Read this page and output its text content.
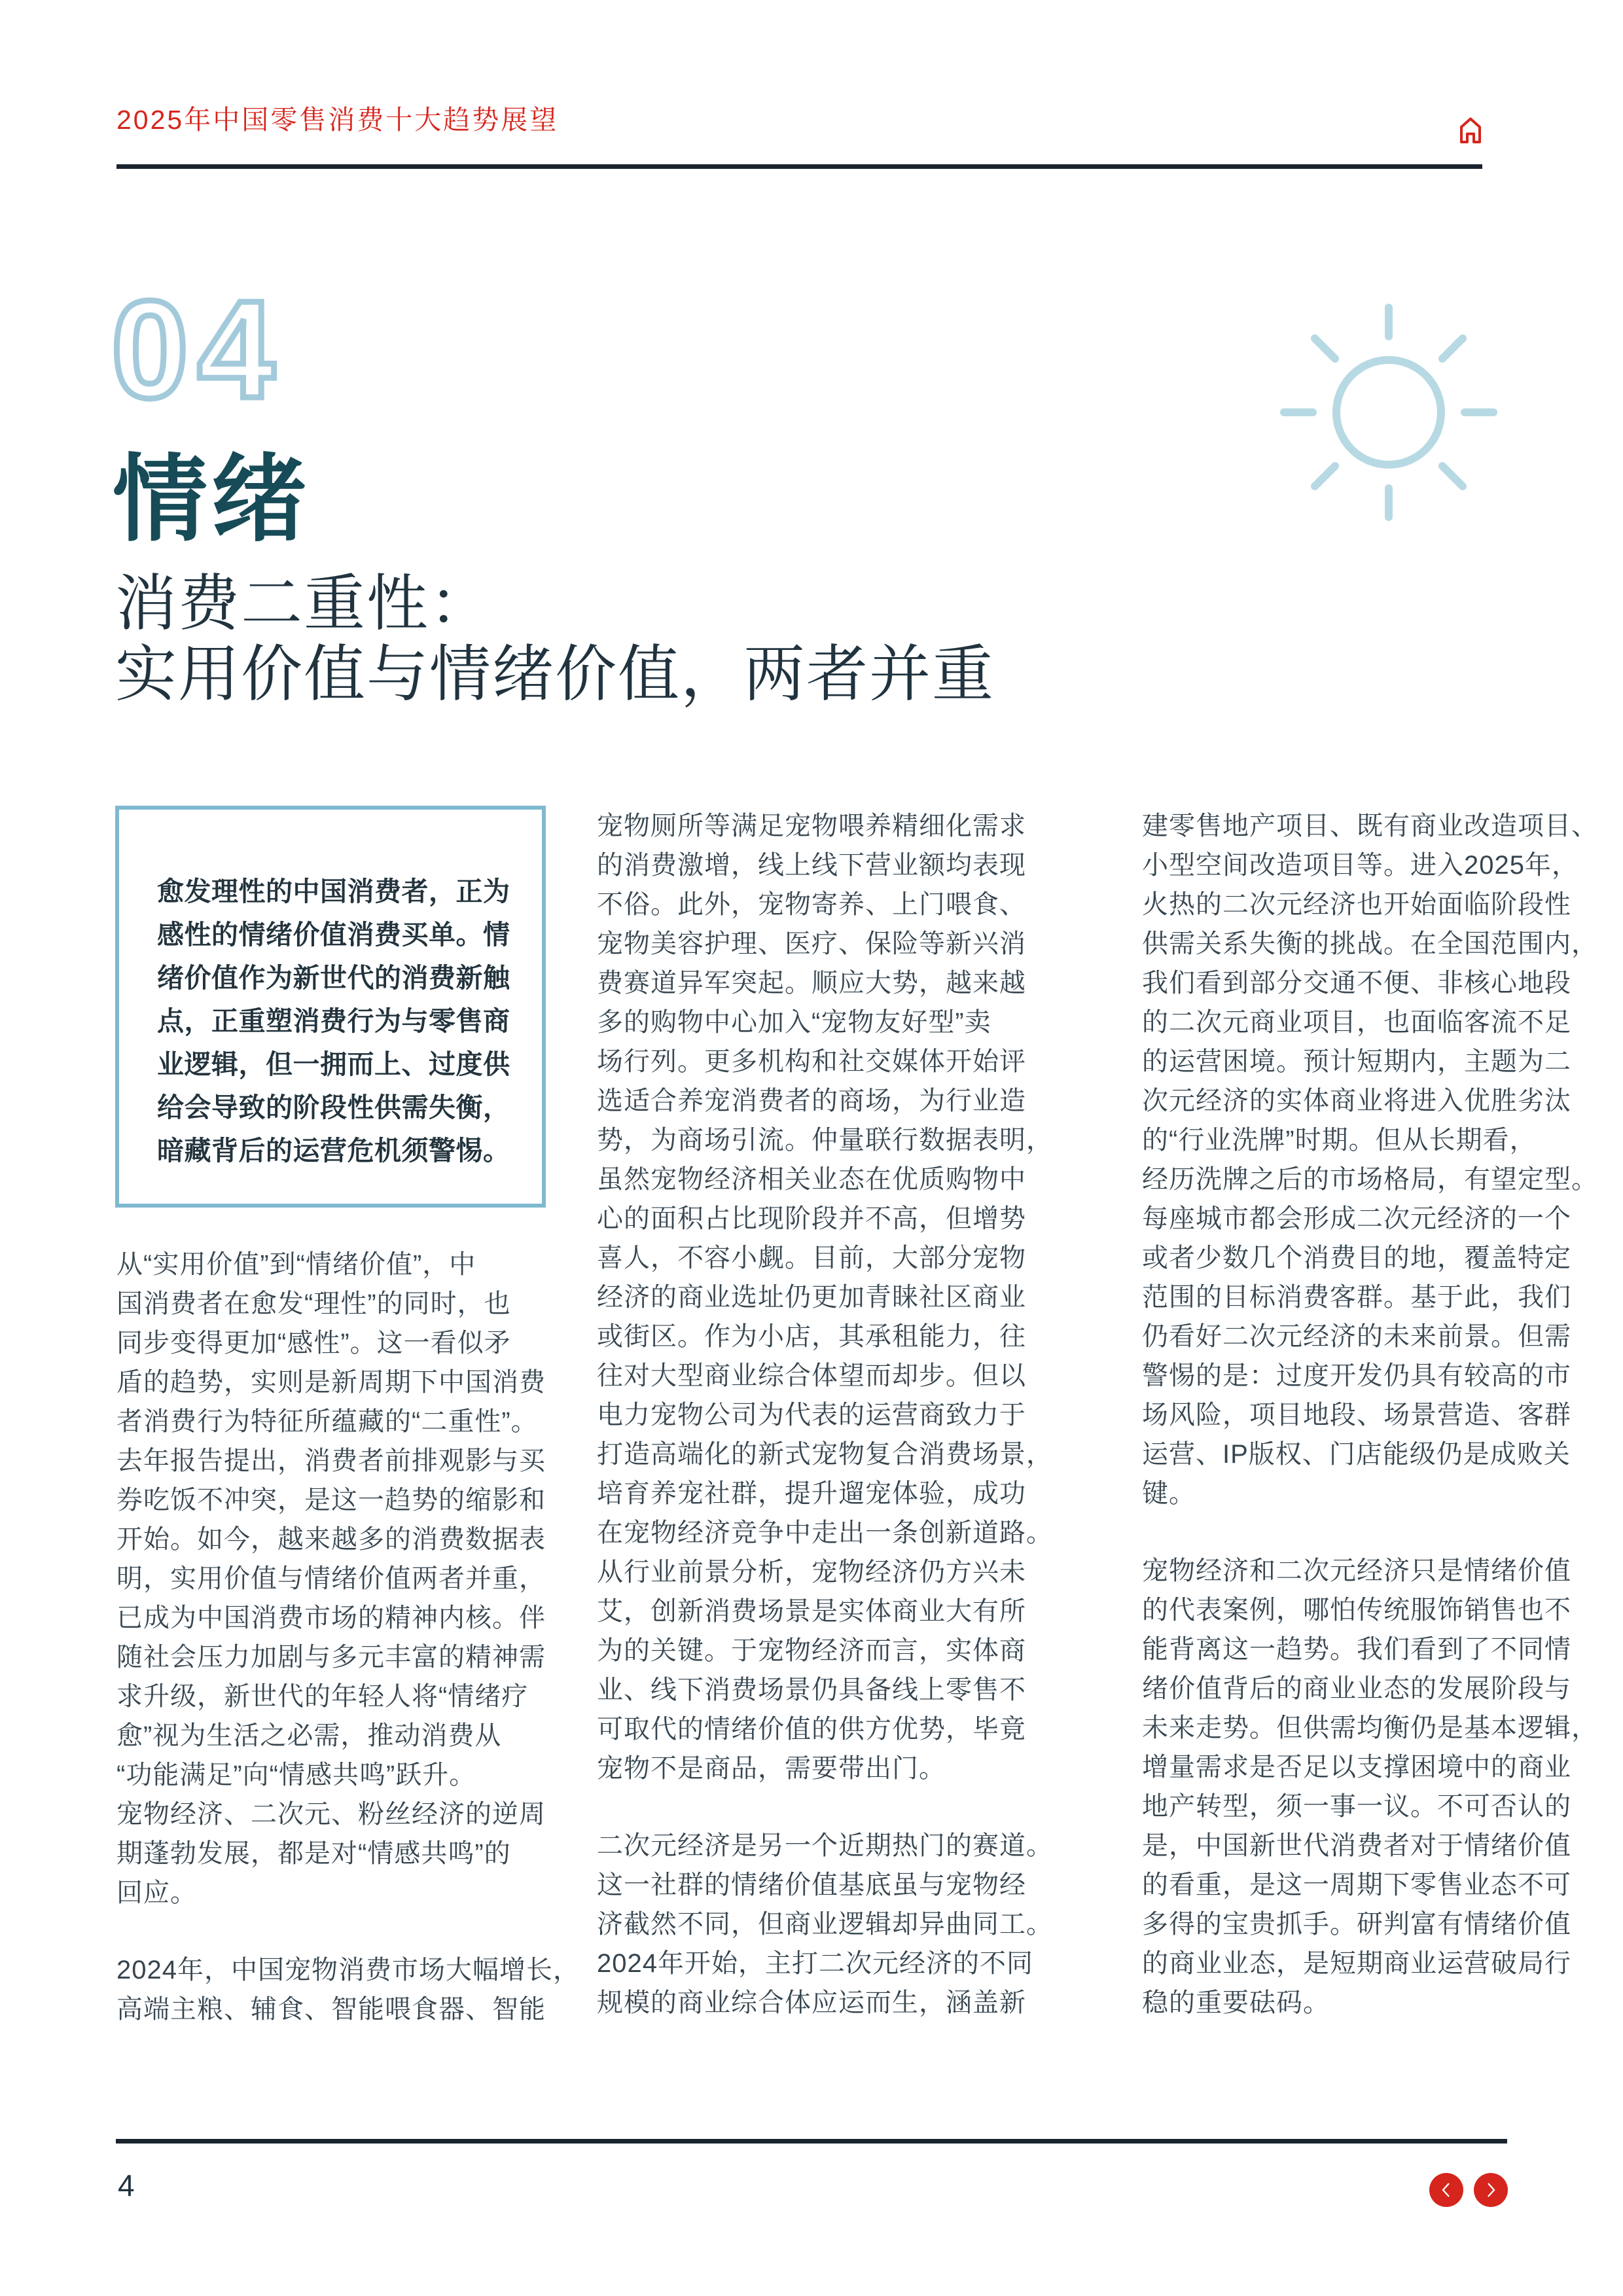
2025年中国零售消费十大趋势展望
04
情绪
消费二重性：
实用价值与情绪价值，两者并重
愈发理性的中国消费者，正为
感性的情绪价值消费买单。情
绪价值作为新世代的消费新触
点，正重塑消费行为与零售商
业逻辑，但一拥而上、过度供
给会导致的阶段性供需失衡，
暗藏背后的运营危机须警惕。
从“实用价值”到“情绪价值”，中
国消费者在愈发“理性”的同时，也
同步变得更加“感性”。这一看似矛
盾的趋势，实则是新周期下中国消费
者消费行为特征所蕴藏的“二重性”。
去年报告提出，消费者前排观影与买
券吃饭不冲突，是这一趋势的缩影和
开始。如今，越来越多的消费数据表
明，实用价值与情绪价值两者并重，
已成为中国消费市场的精神内核。伴
随社会压力加剧与多元丰富的精神需
求升级，新世代的年轻人将“情绪疗
愈”视为生活之必需，推动消费从
“功能满足”向“情感共鸣”跃升。
宠物经济、二次元、粉丝经济的逆周
期蓬勃发展，都是对“情感共鸣”的
回应。
2024年，中国宠物消费市场大幅增长，
高端主粮、辅食、智能喂食器、智能
宠物厕所等满足宠物喂养精细化需求
的消费激增，线上线下营业额均表现
不俗。此外，宠物寄养、上门喂食、
宠物美容护理、医疗、保险等新兴消
费赛道异军突起。顺应大势，越来越
多的购物中心加入“宠物友好型”卖
场行列。更多机构和社交媒体开始评
选适合养宠消费者的商场，为行业造
势，为商场引流。仲量联行数据表明，
虽然宠物经济相关业态在优质购物中
心的面积占比现阶段并不高，但增势
喜人，不容小觑。目前，大部分宠物
经济的商业选址仍更加青睐社区商业
或街区。作为小店，其承租能力，往
往对大型商业综合体望而却步。但以
电力宠物公司为代表的运营商致力于
打造高端化的新式宠物复合消费场景，
培育养宠社群，提升遛宠体验，成功
在宠物经济竞争中走出一条创新道路。
从行业前景分析，宠物经济仍方兴未
艾，创新消费场景是实体商业大有所
为的关键。于宠物经济而言，实体商
业、线下消费场景仍具备线上零售不
可取代的情绪价值的供方优势，毕竟
宠物不是商品，需要带出门。
二次元经济是另一个近期热门的赛道。
这一社群的情绪价值基底虽与宠物经
济截然不同，但商业逻辑却异曲同工。
2024年开始，主打二次元经济的不同
规模的商业综合体应运而生，涵盖新
建零售地产项目、既有商业改造项目、
小型空间改造项目等。进入2025年，
火热的二次元经济也开始面临阶段性
供需关系失衡的挑战。在全国范围内，
我们看到部分交通不便、非核心地段
的二次元商业项目，也面临客流不足
的运营困境。预计短期内，主题为二
次元经济的实体商业将进入优胜劣汰
的“行业洗牌”时期。但从长期看，
经历洗牌之后的市场格局，有望定型。
每座城市都会形成二次元经济的一个
或者少数几个消费目的地，覆盖特定
范围的目标消费客群。基于此，我们
仍看好二次元经济的未来前景。但需
警惕的是：过度开发仍具有较高的市
场风险，项目地段、场景营造、客群
运营、IP版权、门店能级仍是成败关
键。
宠物经济和二次元经济只是情绪价值
的代表案例，哪怕传统服饰销售也不
能背离这一趋势。我们看到了不同情
绪价值背后的商业业态的发展阶段与
未来走势。但供需均衡仍是基本逻辑，
增量需求是否足以支撑困境中的商业
地产转型，须一事一议。不可否认的
是，中国新世代消费者对于情绪价值
的看重，是这一周期下零售业态不可
多得的宝贵抓手。研判富有情绪价值
的商业业态，是短期商业运营破局行
稳的重要砝码。
4
